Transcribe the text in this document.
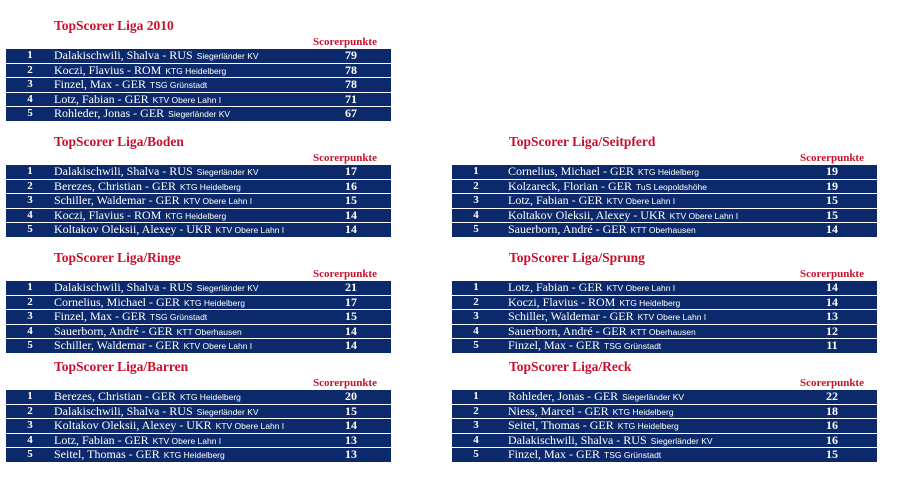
TopScorer Liga 2010
Scorerpunkte
1	Dalakischwili, Shalva - RUS Siegerländer KV	79
2	Koczi, Flavius - ROM KTG Heidelberg	78
3	Finzel, Max - GER TSG Grünstadt	78
4	Lotz, Fabian - GER KTV Obere Lahn I	71
5	Rohleder, Jonas - GER Siegerländer KV	67
TopScorer Liga/Boden
Scorerpunkte
1	Dalakischwili, Shalva - RUS Siegerländer KV	17
2	Berezes, Christian - GER KTG Heidelberg	16
3	Schiller, Waldemar - GER KTV Obere Lahn I	15
4	Koczi, Flavius - ROM KTG Heidelberg	14
5	Koltakov Oleksii, Alexey - UKR KTV Obere Lahn I	14
TopScorer Liga/Seitpferd
Scorerpunkte
1	Cornelius, Michael - GER KTG Heidelberg	19
2	Kolzareck, Florian - GER TuS Leopoldshöhe	19
3	Lotz, Fabian - GER KTV Obere Lahn I	15
4	Koltakov Oleksii, Alexey - UKR KTV Obere Lahn I	15
5	Sauerborn, André - GER KTT Oberhausen	14
TopScorer Liga/Ringe
Scorerpunkte
1	Dalakischwili, Shalva - RUS Siegerländer KV	21
2	Cornelius, Michael - GER KTG Heidelberg	17
3	Finzel, Max - GER TSG Grünstadt	15
4	Sauerborn, André - GER KTT Oberhausen	14
5	Schiller, Waldemar - GER KTV Obere Lahn I	14
TopScorer Liga/Sprung
Scorerpunkte
1	Lotz, Fabian - GER KTV Obere Lahn I	14
2	Koczi, Flavius - ROM KTG Heidelberg	14
3	Schiller, Waldemar - GER KTV Obere Lahn I	13
4	Sauerborn, André - GER KTT Oberhausen	12
5	Finzel, Max - GER TSG Grünstadt	11
TopScorer Liga/Barren
Scorerpunkte
1	Berezes, Christian - GER KTG Heidelberg	20
2	Dalakischwili, Shalva - RUS Siegerländer KV	15
3	Koltakov Oleksii, Alexey - UKR KTV Obere Lahn I	14
4	Lotz, Fabian - GER KTV Obere Lahn I	13
5	Seitel, Thomas - GER KTG Heidelberg	13
TopScorer Liga/Reck
Scorerpunkte
1	Rohleder, Jonas - GER Siegerländer KV	22
2	Niess, Marcel - GER KTG Heidelberg	18
3	Seitel, Thomas - GER KTG Heidelberg	16
4	Dalakischwili, Shalva - RUS Siegerländer KV	16
5	Finzel, Max - GER TSG Grünstadt	15
